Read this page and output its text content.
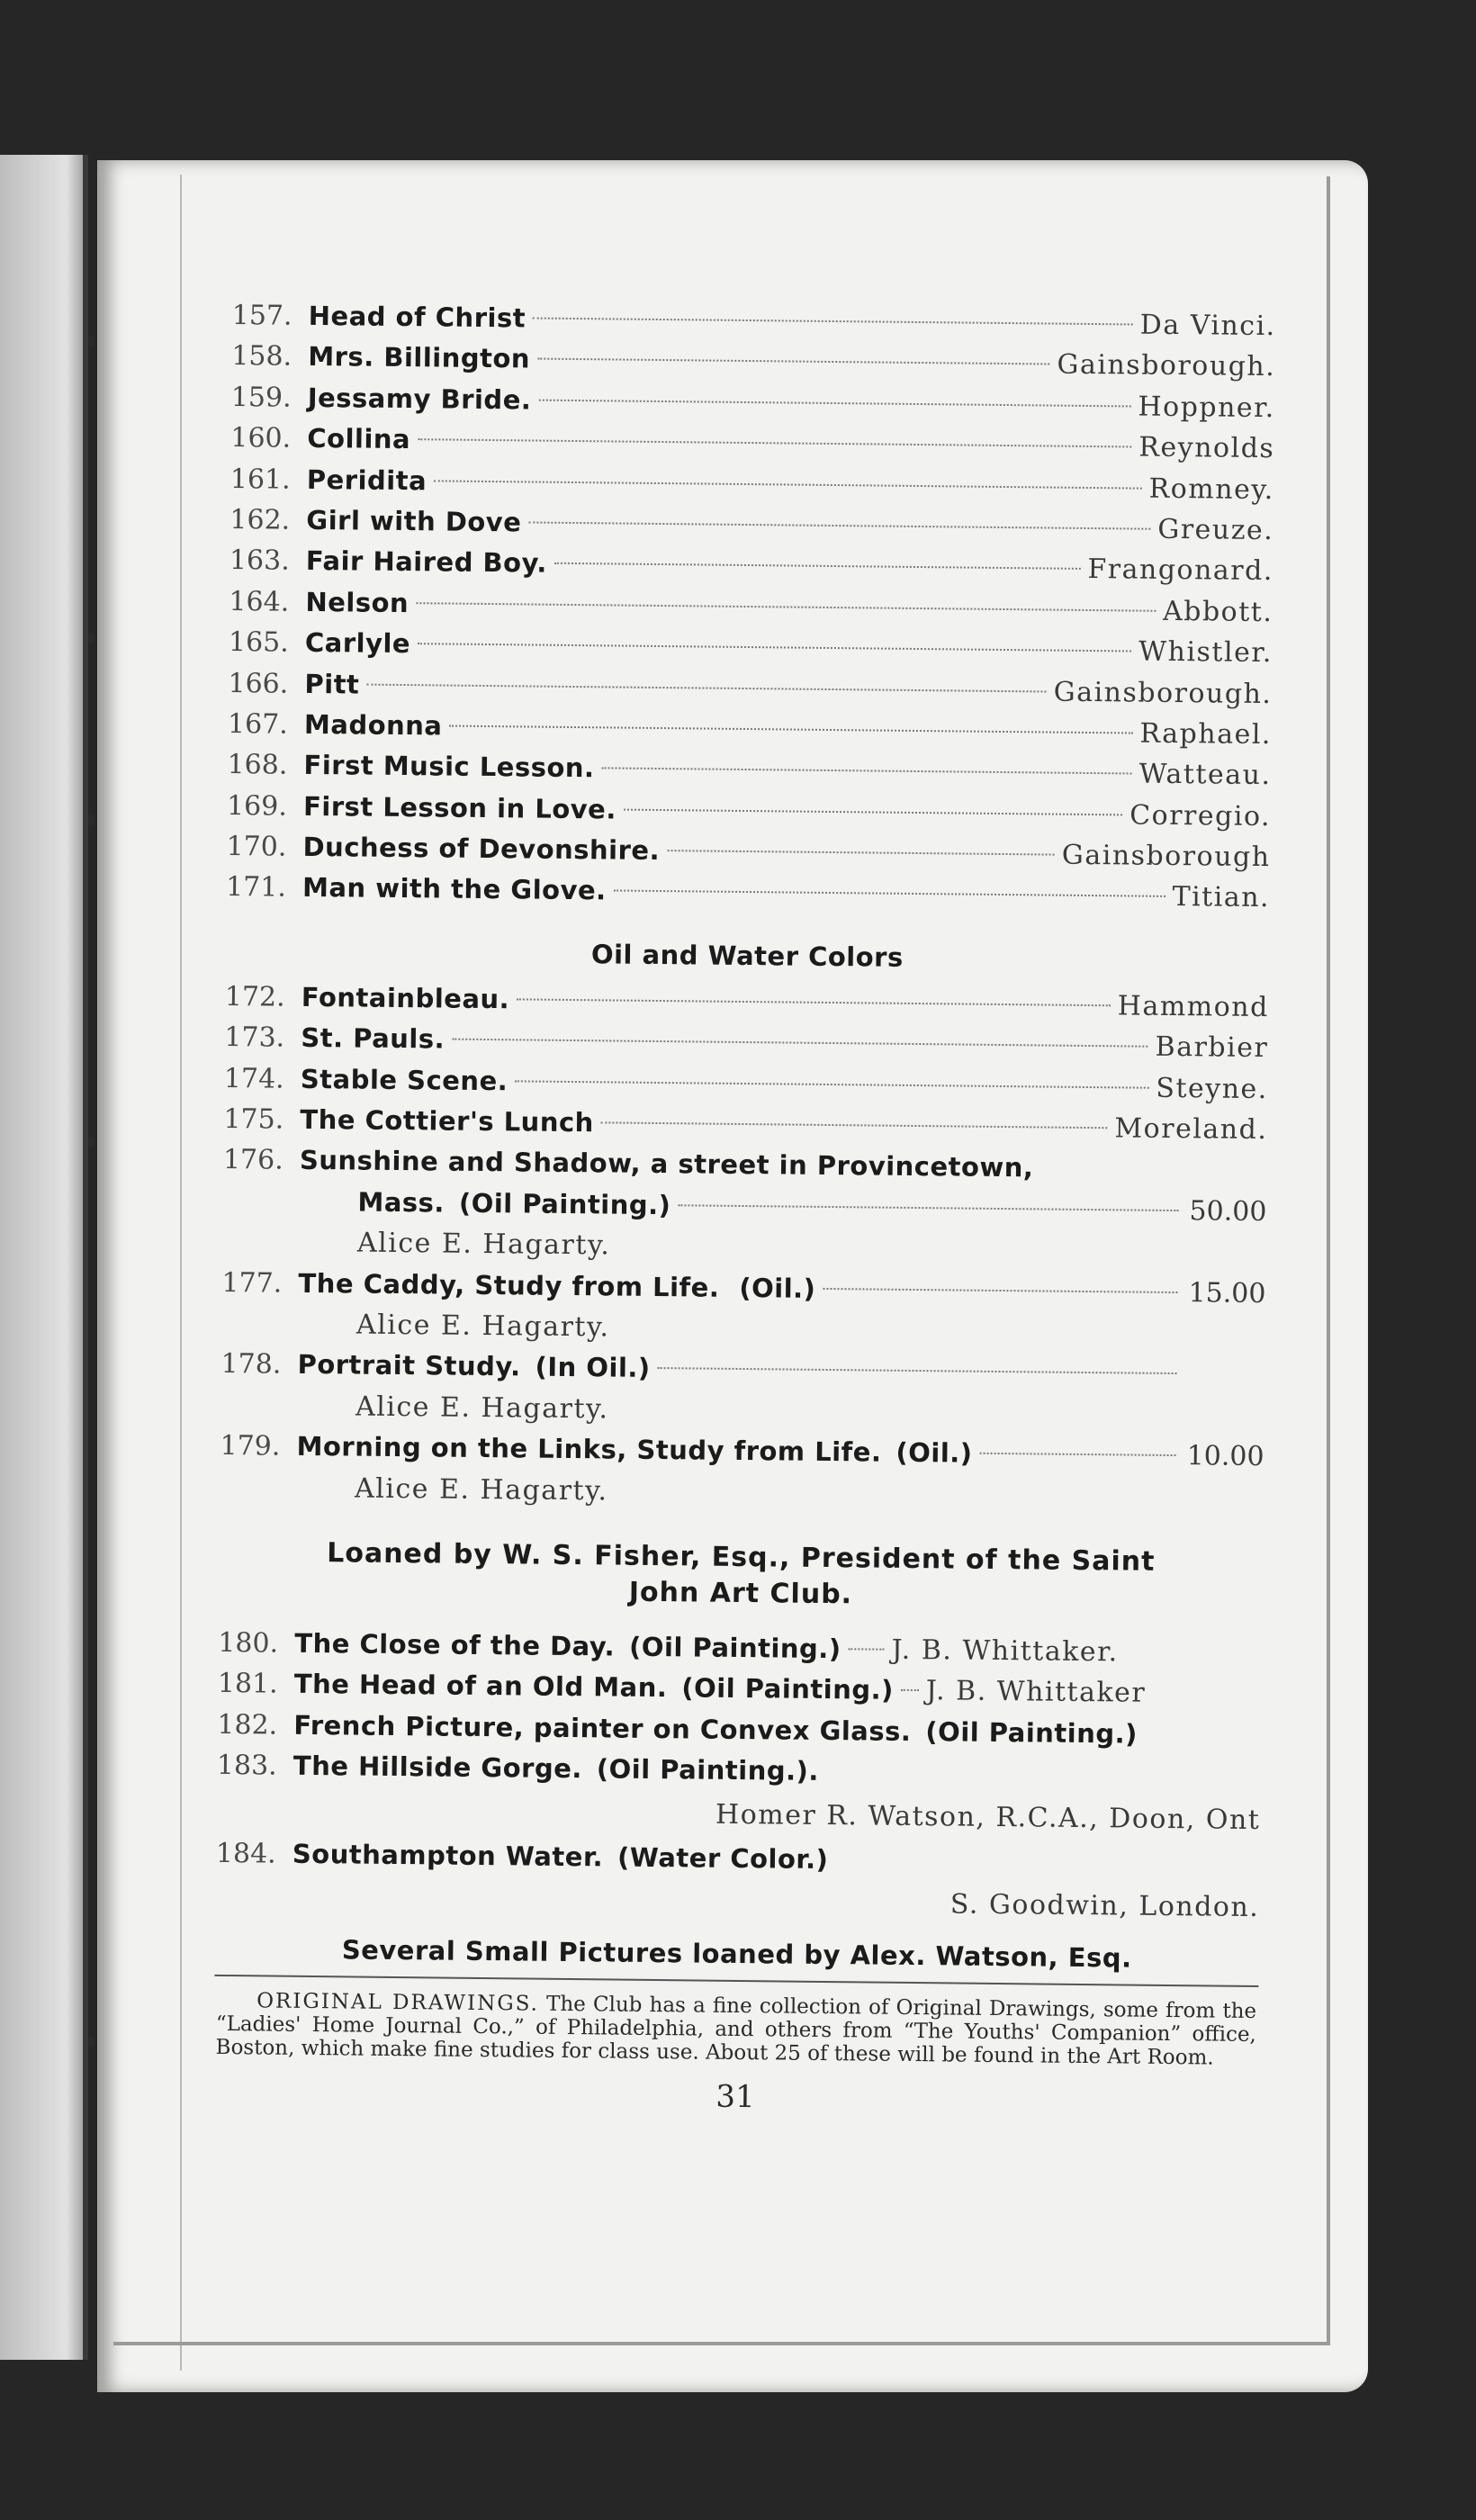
157. Head of Christ	Da Vinci.
158. Mrs. Billington	Gainsborough.
159. Jessamy Bride.	Hoppner.
160. Collina	Reynolds
161. Peridita	Romney.
162. Girl with Dove	Greuze.
163. Fair Haired Boy.	Frangonard.
164. Nelson	Abbott.
165. Carlyle	Whistler.
166. Pitt	Gainsborough.
167. Madonna	Raphael.
168. First Music Lesson.	Watteau.
169. First Lesson in Love.	Corregio.
170. Duchess of Devonshire.	Gainsborough
171. Man with the Glove.	Titian.
Oil and Water Colors
172. Fontainbleau.	Hammond
173. St. Pauls.	Barbier
174. Stable Scene.	Steyne.
175. The Cottier's Lunch	Moreland.
176. Sunshine and Shadow, a street in Provincetown,
Mass. (Oil Painting.)	50.00
Alice E. Hagarty.
177. The Caddy, Study from Life. (Oil.)	15.00
Alice E. Hagarty.
178. Portrait Study. (In Oil.)
Alice E. Hagarty.
179. Morning on the Links, Study from Life. (Oil.)	10.00
Alice E. Hagarty.
Loaned by W. S. Fisher, Esq., President of the Saint
John Art Club.
180. The Close of the Day. (Oil Painting.) J. B. Whittaker.
181. The Head of an Old Man. (Oil Painting.) J. B. Whittaker
182. French Picture, painter on Convex Glass. (Oil Painting.)
183. The Hillside Gorge. (Oil Painting.).
Homer R. Watson, R.C.A., Doon, Ont
184. Southampton Water. (Water Color.)
S. Goodwin, London.
Several Small Pictures loaned by Alex. Watson, Esq.
ORIGINAL DRAWINGS. The Club has a fine collection of Original Drawings, some from the “Ladies' Home Journal Co.,” of Philadelphia, and others from “The Youths' Companion” office, Boston, which make fine studies for class use. About 25 of these will be found in the Art Room.
31
